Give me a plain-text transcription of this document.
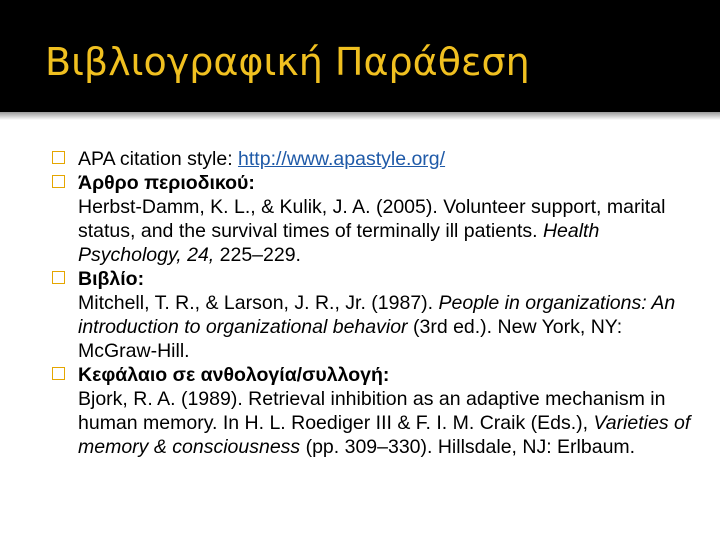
Βιβλιογραφική Παράθεση
APA citation style: http://www.apastyle.org/
Άρθρο περιοδικού:
Herbst-Damm, K. L., & Kulik, J. A. (2005). Volunteer support, marital status, and the survival times of terminally ill patients. Health Psychology, 24, 225–229.
Βιβλίο:
Mitchell, T. R., & Larson, J. R., Jr. (1987). People in organizations: An introduction to organizational behavior (3rd ed.). New York, NY: McGraw-Hill.
Κεφάλαιο σε ανθολογία/συλλογή:
Bjork, R. A. (1989). Retrieval inhibition as an adaptive mechanism in human memory. In H. L. Roediger III & F. I. M. Craik (Eds.), Varieties of memory & consciousness (pp. 309–330). Hillsdale, NJ: Erlbaum.
